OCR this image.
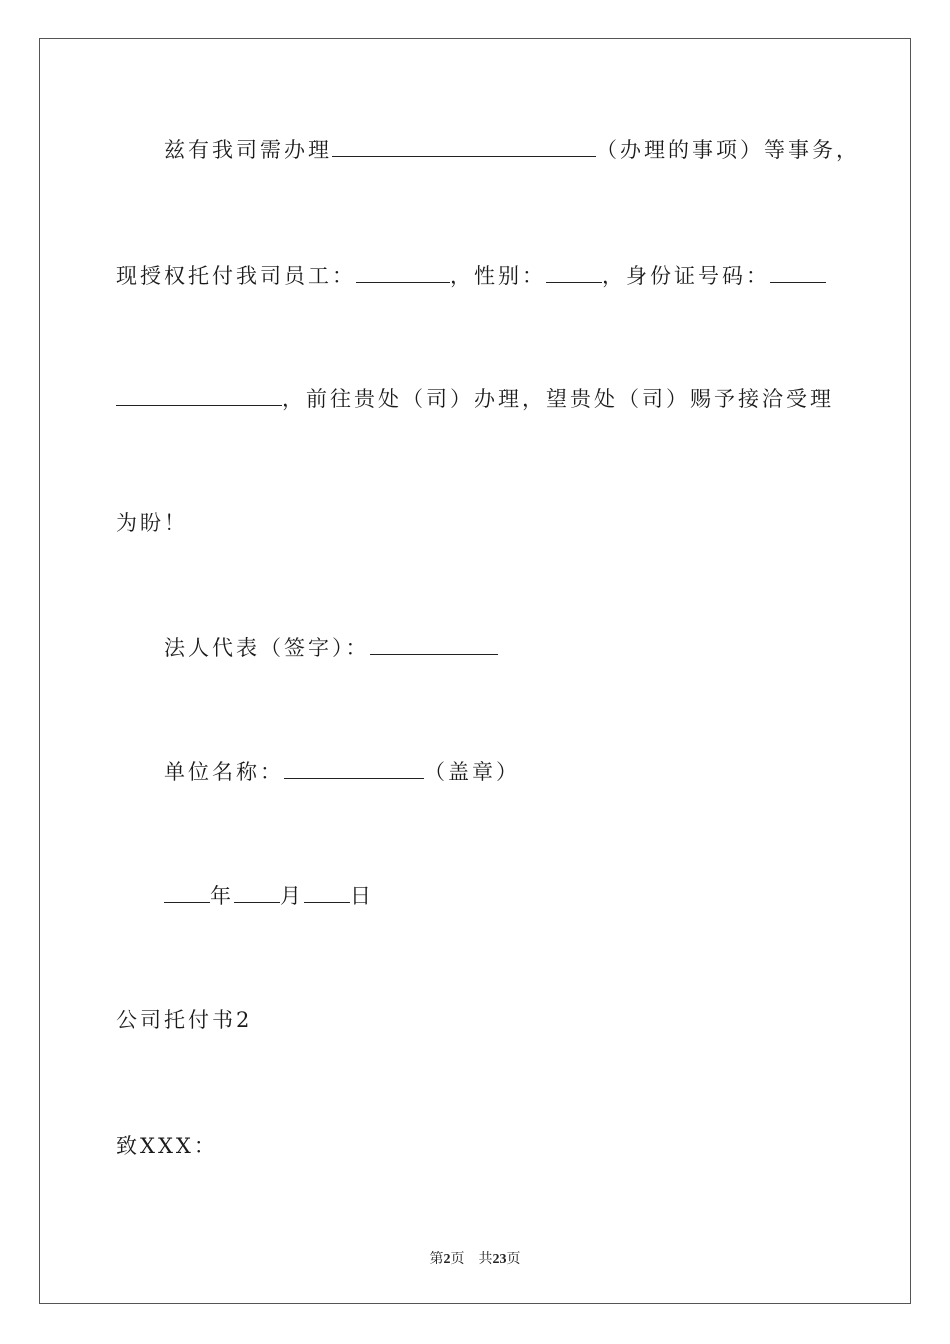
兹有我司需办理	（办理的事项）等事务，
现授权托付我司员工：	，性别：	，身份证号码：
，前往贵处（司）办理，望贵处（司）赐予接洽受理
为盼！
法人代表（签字）：
单位名称：	（盖章）
年 月 日
公司托付书2
致XXX：
第2页 共23页
